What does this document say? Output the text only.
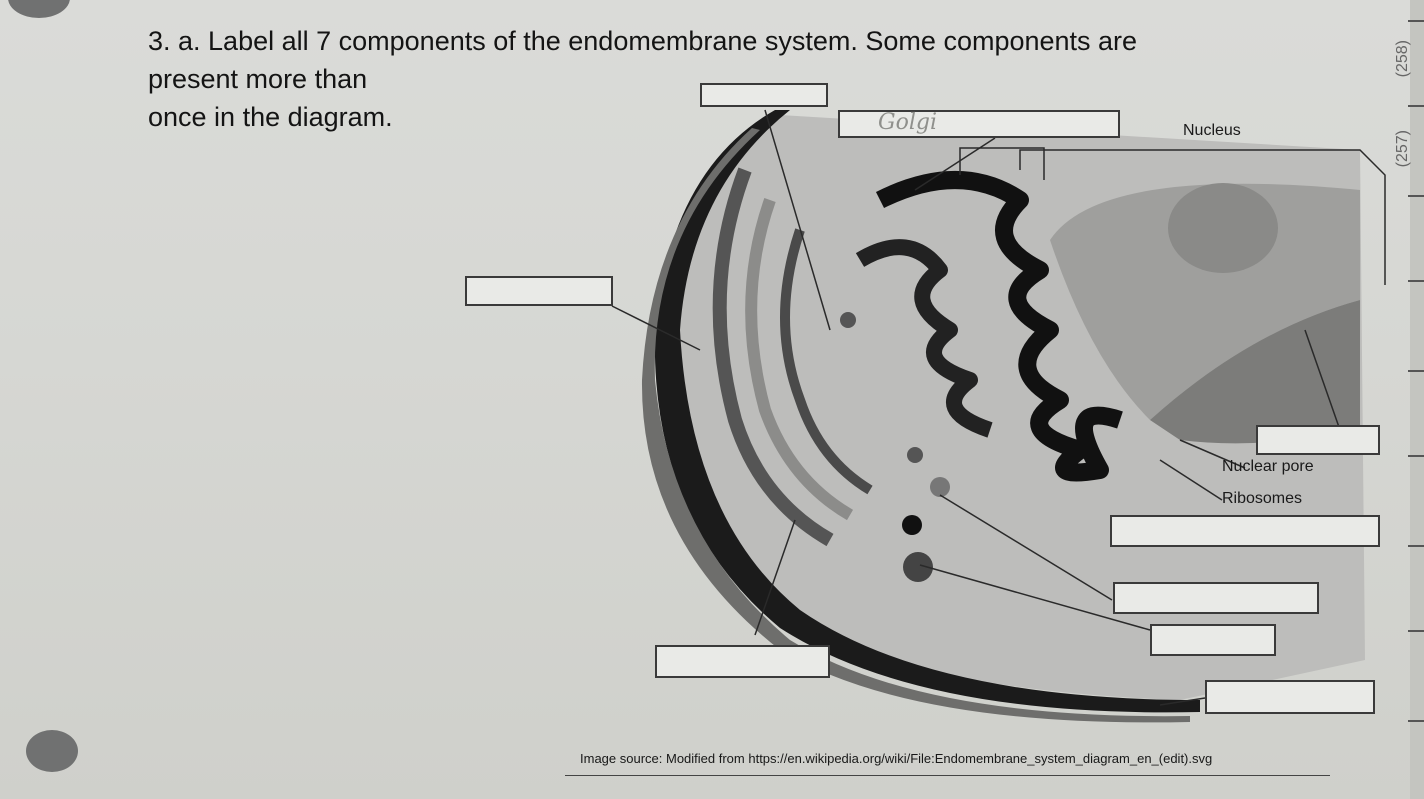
3. a. Label all 7 components of the endomembrane system. Some components are
present more than
once in the diagram.	Golgi	Nucleus
Nuclear pore
Ribosomes
Image source: Modified from https://en.wikipedia.org/wiki/File:Endomembrane_system_diagram_en_(edit).svg
(258)
(257)
